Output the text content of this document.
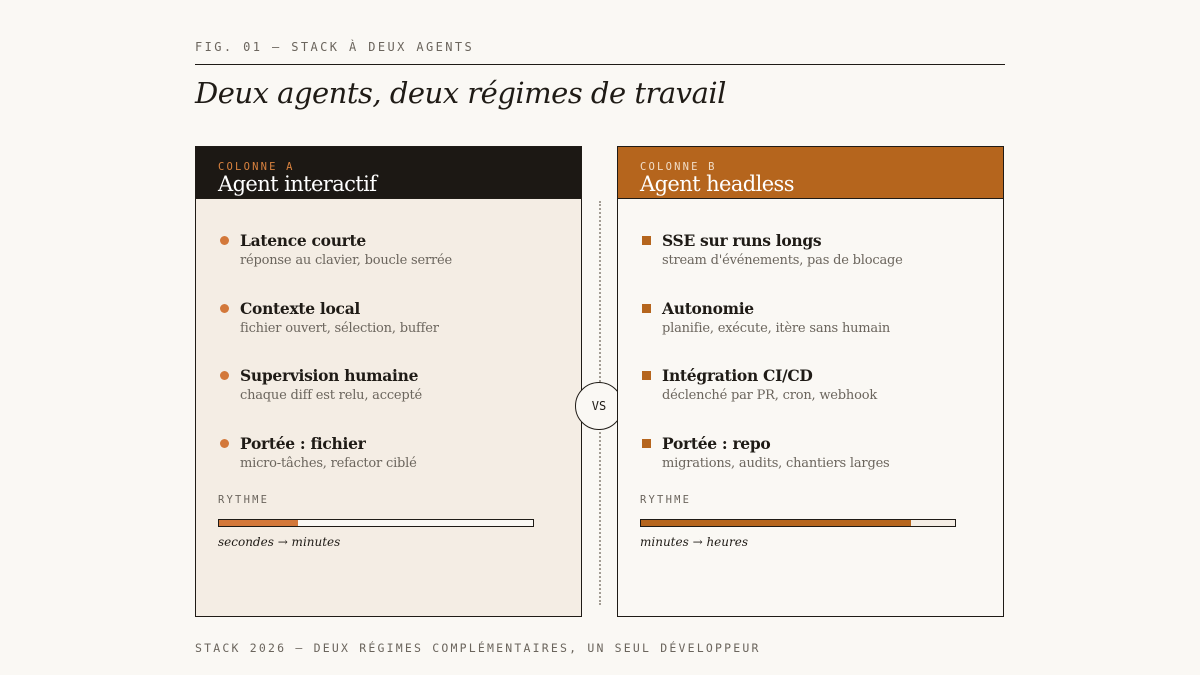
FIG. 01 — STACK À DEUX AGENTS
Deux agents, deux régimes de travail
COLONNE A
Agent interactif
Latence courte
réponse au clavier, boucle serrée
Contexte local
fichier ouvert, sélection, buffer
Supervision humaine
chaque diff est relu, accepté
Portée : fichier
micro-tâches, refactor ciblé
RYTHME
secondes → minutes
VS
COLONNE B
Agent headless
SSE sur runs longs
stream d'événements, pas de blocage
Autonomie
planifie, exécute, itère sans humain
Intégration CI/CD
déclenché par PR, cron, webhook
Portée : repo
migrations, audits, chantiers larges
RYTHME
minutes → heures
STACK 2026 — DEUX RÉGIMES COMPLÉMENTAIRES, UN SEUL DÉVELOPPEUR
